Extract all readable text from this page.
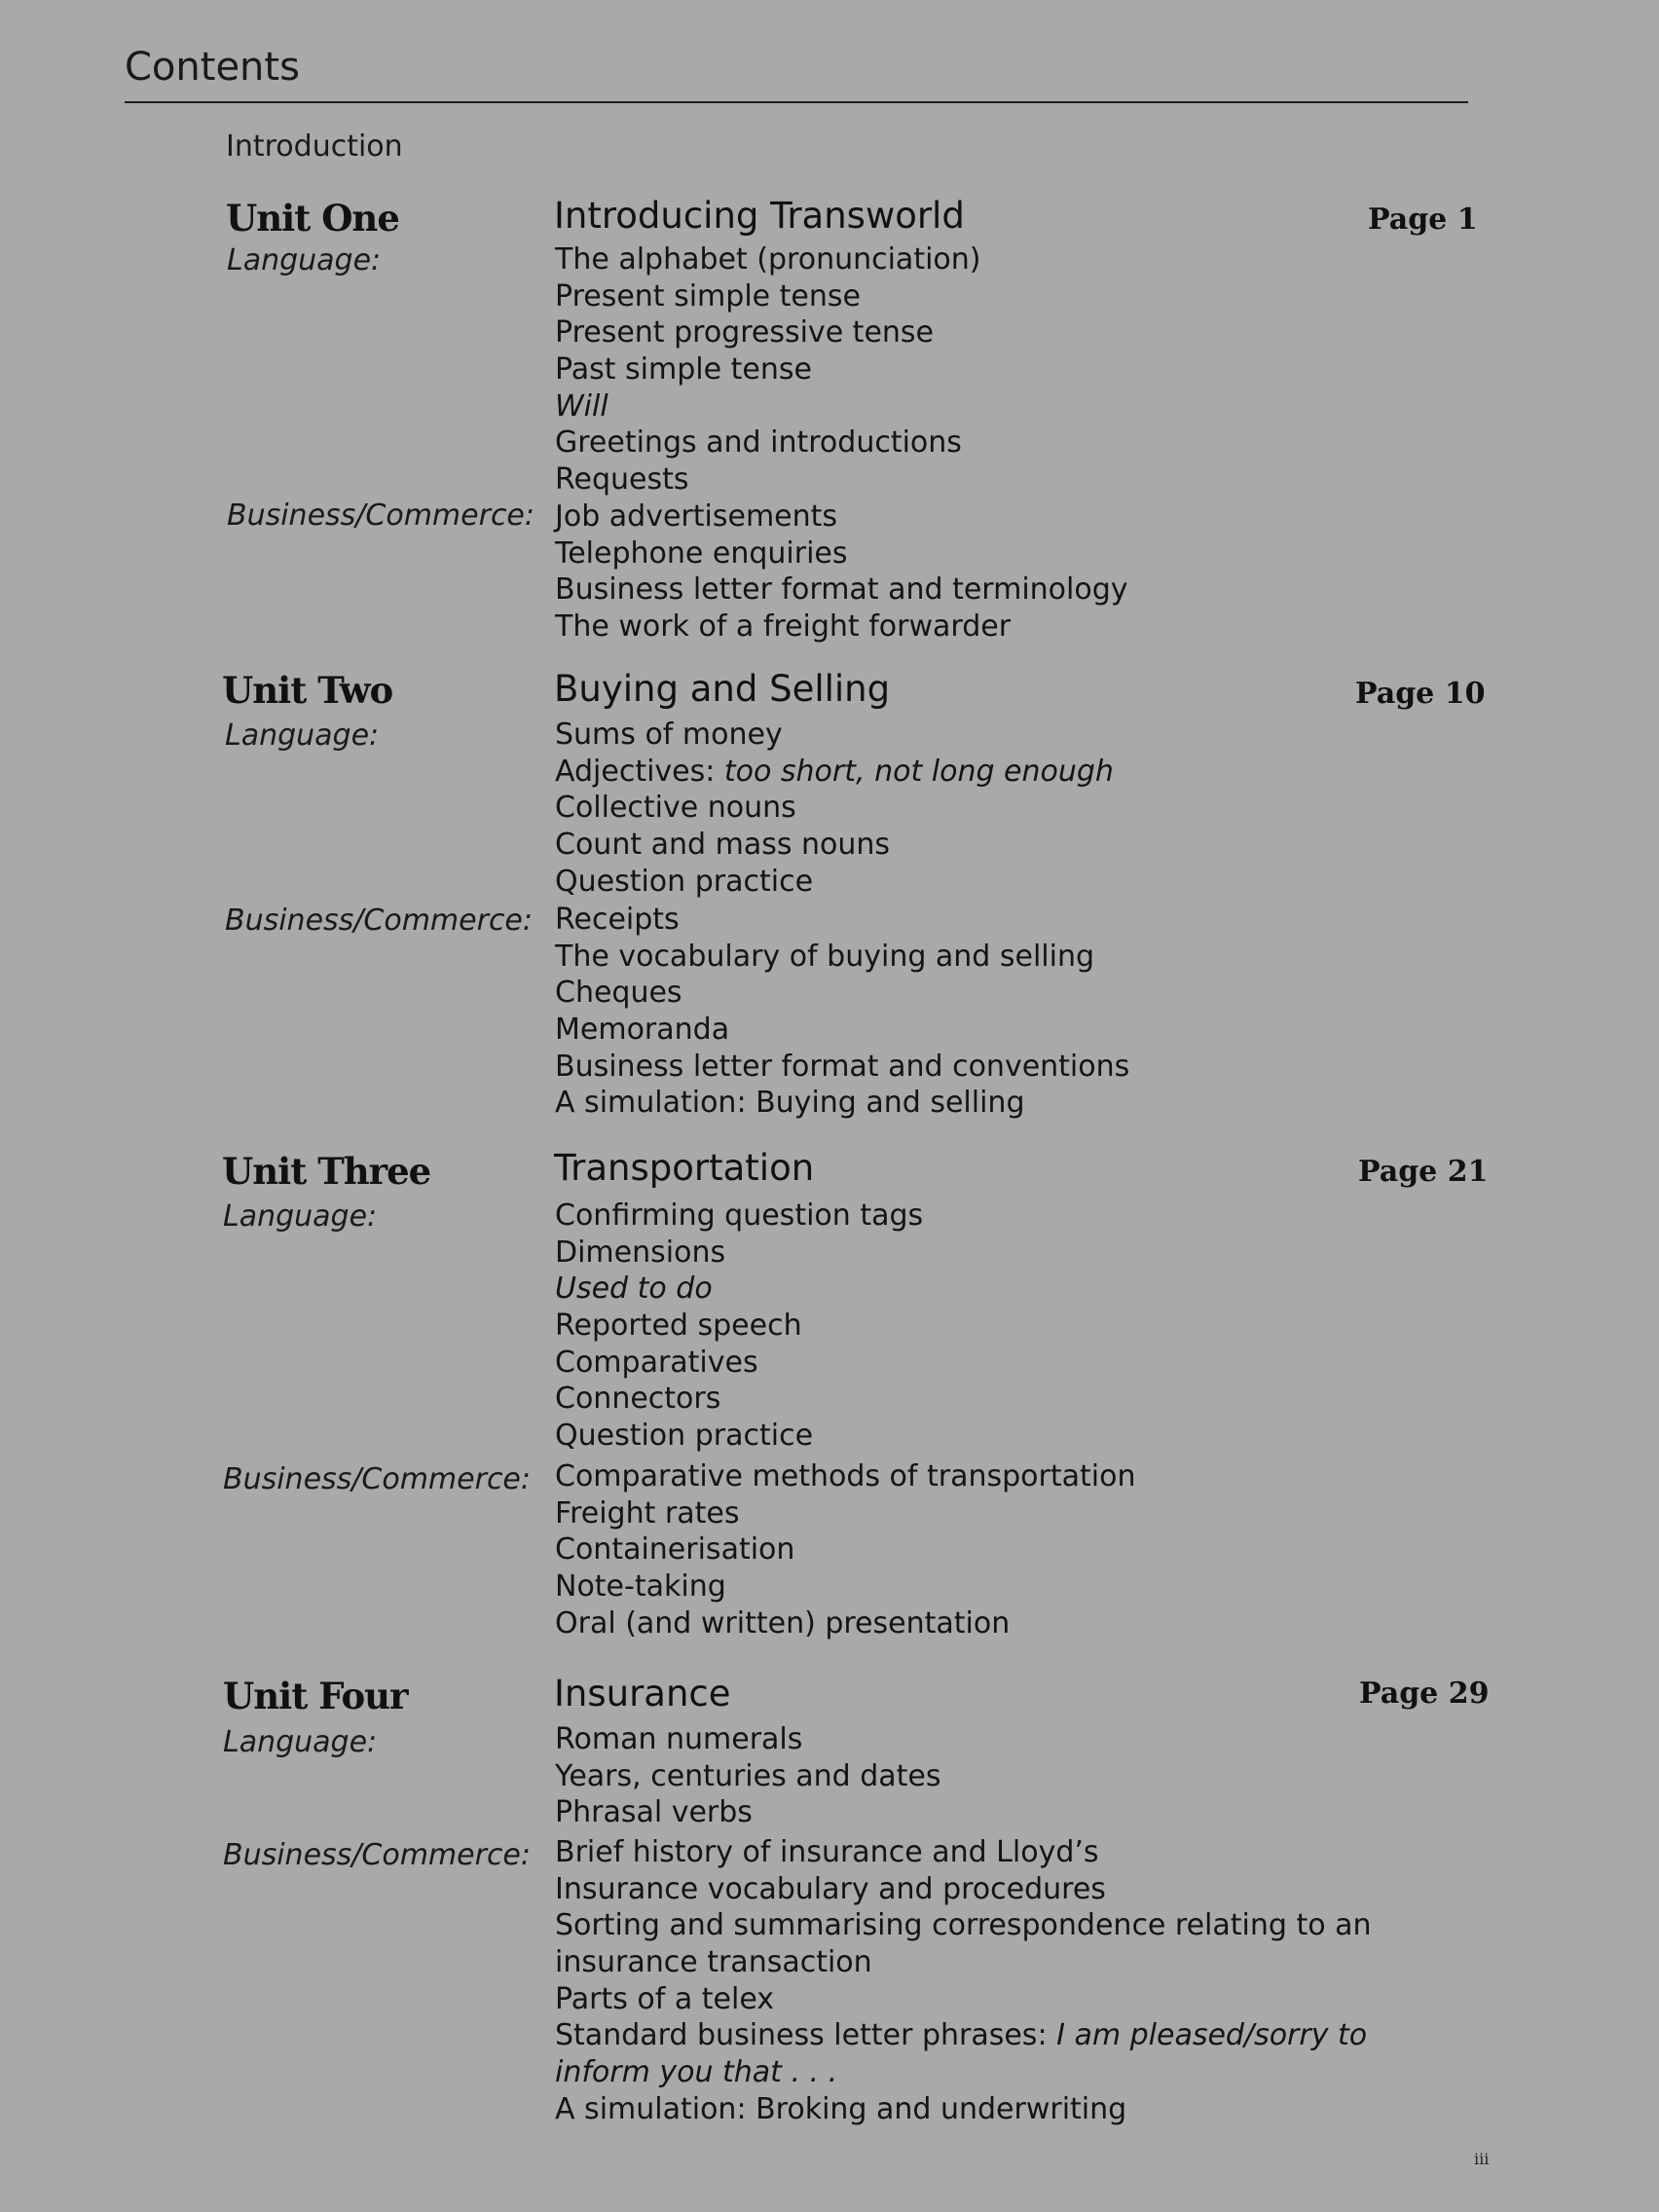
Contents
Introduction
Unit One	Introducing Transworld	Page 1
Language:	The alphabet (pronunciation)
Present simple tense
Present progressive tense
Past simple tense
Will
Greetings and introductions
Requests
Business/Commerce: Job advertisements
Telephone enquiries
Business letter format and terminology
The work of a freight forwarder
Unit Two	Buying and Selling	Page 10
Language:	Sums of money
Adjectives: too short, not long enough
Collective nouns
Count and mass nouns
Question practice
Business/Commerce: Receipts
The vocabulary of buying and selling
Cheques
Memoranda
Business letter format and conventions
A simulation: Buying and selling
Unit Three	Transportation	Page 21
Language:	Confirming question tags
Dimensions
Used to do
Reported speech
Comparatives
Connectors
Question practice
Business/Commerce: Comparative methods of transportation
Freight rates
Containerisation
Note-taking
Oral (and written) presentation
Unit Four	Insurance	Page 29
Language:	Roman numerals
Years, centuries and dates
Phrasal verbs
Business/Commerce: Brief history of insurance and Lloyd’s
Insurance vocabulary and procedures
Sorting and summarising correspondence relating to an insurance transaction
Parts of a telex
Standard business letter phrases: I am pleased/sorry to inform you that . . .
A simulation: Broking and underwriting
iii
